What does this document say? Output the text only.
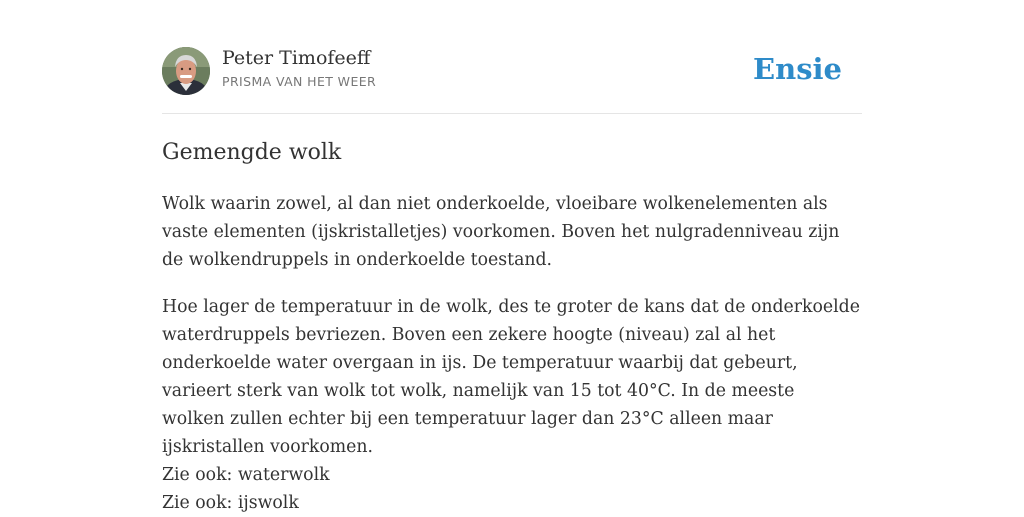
Peter Timofeeff
PRISMA VAN HET WEER	Ensie
Gemengde wolk

Wolk waarin zowel, al dan niet onderkoelde, vloeibare wolkenelementen als vaste elementen (ijskristalletjes) voorkomen. Boven het nulgradenniveau zijn de wolkendruppels in onderkoelde toestand.

Hoe lager de temperatuur in de wolk, des te groter de kans dat de onderkoelde waterdruppels bevriezen. Boven een zekere hoogte (niveau) zal al het onderkoelde water overgaan in ijs. De temperatuur waarbij dat gebeurt, varieert sterk van wolk tot wolk, namelijk van 15 tot 40°C. In de meeste wolken zullen echter bij een temperatuur lager dan 23°C alleen maar ijskristallen voorkomen.

Zie ook: waterwolk
Zie ook: ijswolk
